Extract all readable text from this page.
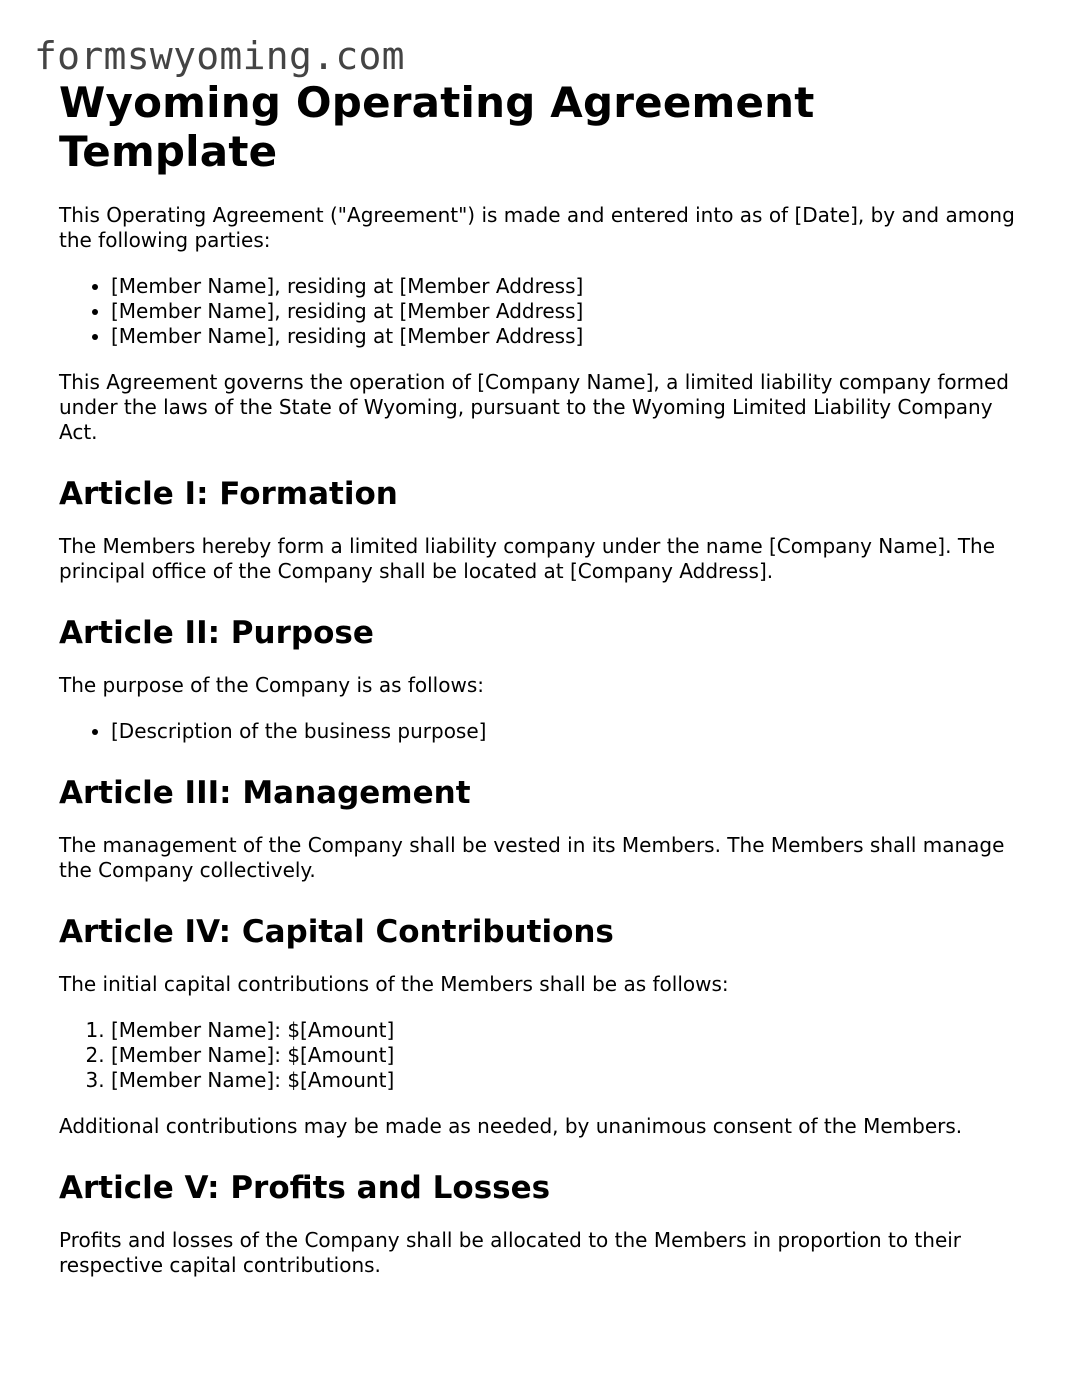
formswyoming.com
Wyoming Operating Agreement Template

This Operating Agreement ("Agreement") is made and entered into as of [Date], by and among the following parties:

• [Member Name], residing at [Member Address]
• [Member Name], residing at [Member Address]
• [Member Name], residing at [Member Address]

This Agreement governs the operation of [Company Name], a limited liability company formed under the laws of the State of Wyoming, pursuant to the Wyoming Limited Liability Company Act.

Article I: Formation

The Members hereby form a limited liability company under the name [Company Name]. The principal office of the Company shall be located at [Company Address].

Article II: Purpose

The purpose of the Company is as follows:

• [Description of the business purpose]
Article III: Management

The management of the Company shall be vested in its Members. The Members shall manage the Company collectively.

Article IV: Capital Contributions

The initial capital contributions of the Members shall be as follows:

1. [Member Name]: $[Amount]
2. [Member Name]: $[Amount]
3. [Member Name]: $[Amount]

Additional contributions may be made as needed, by unanimous consent of the Members.

Article V: Profits and Losses

Profits and losses of the Company shall be allocated to the Members in proportion to their respective capital contributions.
